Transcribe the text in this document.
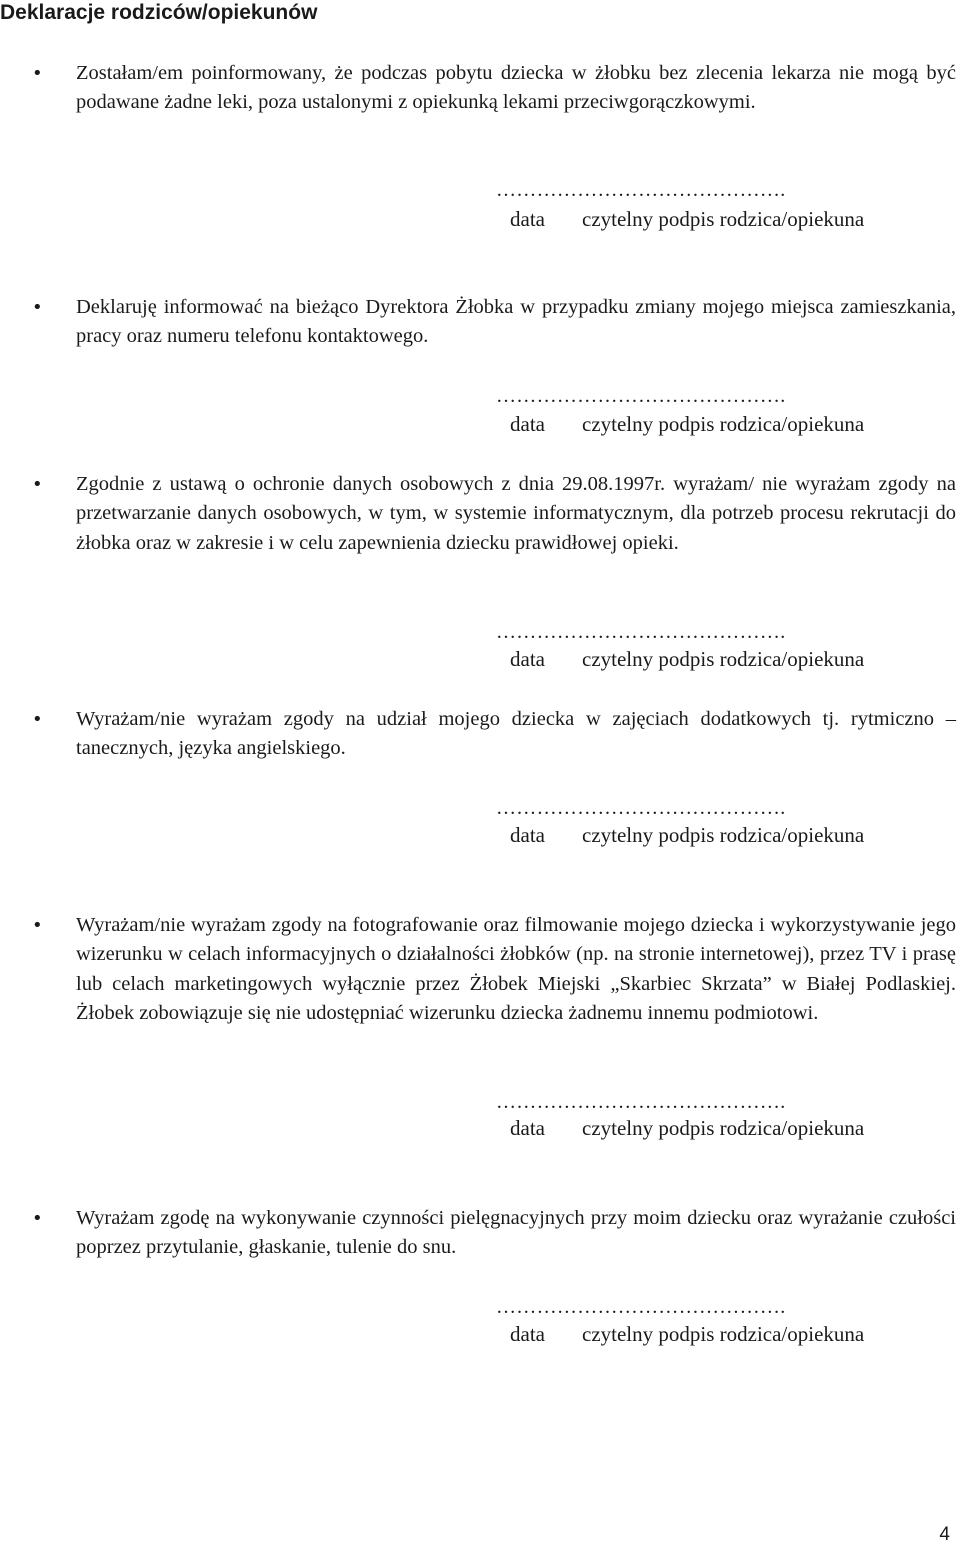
Deklaracje rodziców/opiekunów
• Zostałam/em poinformowany, że podczas pobytu dziecka w żłobku bez zlecenia lekarza nie mogą być podawane żadne leki, poza ustalonymi z opiekunką lekami przeciwgorączkowymi.
…………………………………….
data czytelny podpis rodzica/opiekuna
• Deklaruję informować na bieżąco Dyrektora Żłobka w przypadku zmiany mojego miejsca zamieszkania, pracy oraz numeru telefonu kontaktowego.
…………………………………….
data czytelny podpis rodzica/opiekuna
• Zgodnie z ustawą o ochronie danych osobowych z dnia 29.08.1997r. wyrażam/ nie wyrażam zgody na przetwarzanie danych osobowych, w tym, w systemie informatycznym, dla potrzeb procesu rekrutacji do żłobka oraz w zakresie i w celu zapewnienia dziecku prawidłowej opieki.
…………………………………….
data czytelny podpis rodzica/opiekuna
• Wyrażam/nie wyrażam zgody na udział mojego dziecka w zajęciach dodatkowych tj. rytmiczno – tanecznych, języka angielskiego.
…………………………………….
data czytelny podpis rodzica/opiekuna
• Wyrażam/nie wyrażam zgody na fotografowanie oraz filmowanie mojego dziecka i wykorzystywanie jego wizerunku w celach informacyjnych o działalności żłobków (np. na stronie internetowej), przez TV i prasę lub celach marketingowych wyłącznie przez Żłobek Miejski „Skarbiec Skrzata” w Białej Podlaskiej. Żłobek zobowiązuje się nie udostępniać wizerunku dziecka żadnemu innemu podmiotowi.
…………………………………….
data czytelny podpis rodzica/opiekuna
• Wyrażam zgodę na wykonywanie czynności pielęgnacyjnych przy moim dziecku oraz wyrażanie czułości poprzez przytulanie, głaskanie, tulenie do snu.
…………………………………….
data czytelny podpis rodzica/opiekuna
4
